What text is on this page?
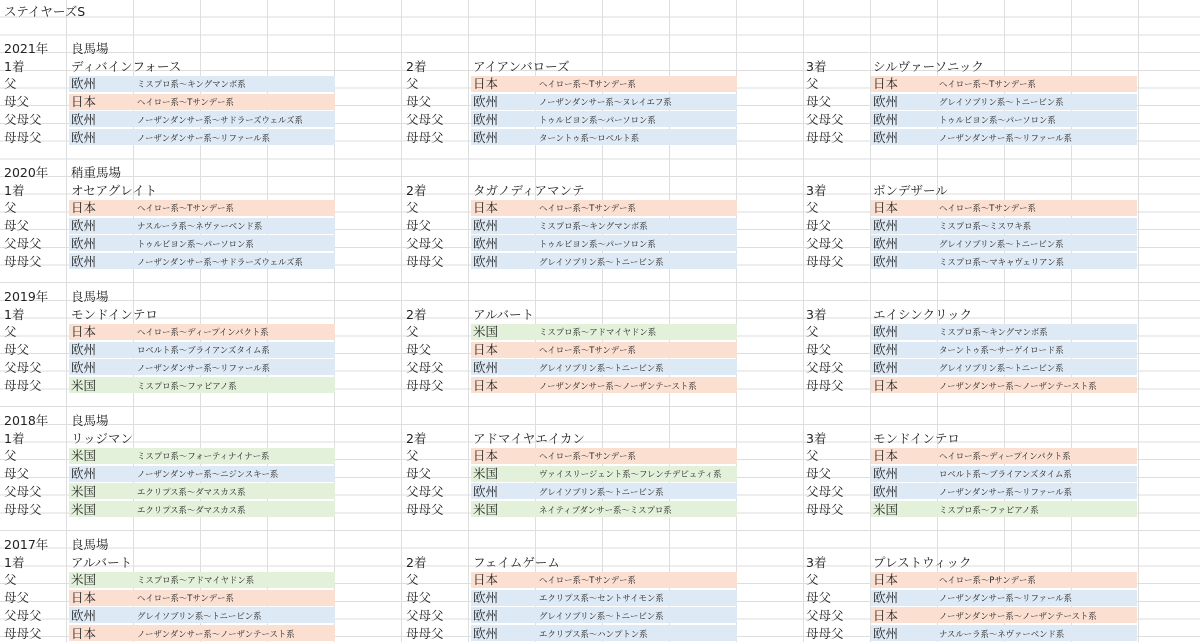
ステイヤーズS
2021年 良馬場
1着	ディバインフォース
父	欧州	ミスプロ系〜キングマンボ系
母父	日本	ヘイロー系〜Tサンデー系
父母父 欧州	ノーザンダンサー系〜サドラーズウェルズ系
母母父 欧州	ノーザンダンサー系〜リファール系
2着	アイアンバローズ
父	日本	ヘイロー系〜Tサンデー系
母父	欧州	ノーザンダンサー系〜ヌレイエフ系
父母父 欧州	トゥルビヨン系〜パーソロン系
母母父 欧州	ターントゥ系〜ロベルト系
3着	シルヴァーソニック
父	日本	ヘイロー系〜Tサンデー系
母父	欧州	グレイソブリン系〜トニービン系
父母父 欧州	トゥルビヨン系〜パーソロン系
母母父 欧州	ノーザンダンサー系〜リファール系
2020年 稍重馬場
1着	オセアグレイト
父	日本	ヘイロー系〜Tサンデー系
母父	欧州	ナスルーラ系〜ネヴァーベンド系
父母父 欧州	トゥルビヨン系〜パーソロン系
母母父 欧州	ノーザンダンサー系〜サドラーズウェルズ系
2着	タガノディアマンテ
父	日本	ヘイロー系〜Tサンデー系
母父	欧州	ミスプロ系〜キングマンボ系
父母父 欧州	トゥルビヨン系〜パーソロン系
母母父 欧州	グレイソブリン系〜トニービン系
3着	ボンデザール
父	日本	ヘイロー系〜Tサンデー系
母父	欧州	ミスプロ系〜ミスワキ系
父母父 欧州	グレイソブリン系〜トニービン系
母母父 欧州	ミスプロ系〜マキャヴェリアン系
2019年 良馬場
1着	モンドインテロ
父	日本	ヘイロー系〜ディープインパクト系
母父	欧州	ロベルト系〜ブライアンズタイム系
父母父 欧州	ノーザンダンサー系〜リファール系
母母父 米国	ミスプロ系〜ファピアノ系
2着	アルバート
父	米国	ミスプロ系〜アドマイヤドン系
母父	日本	ヘイロー系〜Tサンデー系
父母父 欧州	グレイソブリン系〜トニービン系
母母父 日本	ノーザンダンサー系〜ノーザンテースト系
3着	エイシンクリック
父	欧州	ミスプロ系〜キングマンボ系
母父	欧州	ターントゥ系〜サーゲイロード系
父母父 欧州	グレイソブリン系〜トニービン系
母母父 日本	ノーザンダンサー系〜ノーザンテースト系
2018年 良馬場
1着	リッジマン
父	米国	ミスプロ系〜フォーティナイナー系
母父	欧州	ノーザンダンサー系〜ニジンスキー系
父母父 米国	エクリプス系〜ダマスカス系
母母父 米国	エクリプス系〜ダマスカス系
2着	アドマイヤエイカン
父	日本	ヘイロー系〜Tサンデー系
母父	米国	ヴァイスリージェント系〜フレンチデピュティ系
父母父 欧州	グレイソブリン系〜トニービン系
母母父 米国	ネイティブダンサー系〜ミスプロ系
3着	モンドインテロ
父	日本	ヘイロー系〜ディープインパクト系
母父	欧州	ロベルト系〜ブライアンズタイム系
父母父 欧州	ノーザンダンサー系〜リファール系
母母父 米国	ミスプロ系〜ファピアノ系
2017年 良馬場
1着	アルバート
父	米国	ミスプロ系〜アドマイヤドン系
母父	日本	ヘイロー系〜Tサンデー系
父母父 欧州	グレイソブリン系〜トニービン系
母母父 日本	ノーザンダンサー系〜ノーザンテースト系
2着	フェイムゲーム
父	日本	ヘイロー系〜Tサンデー系
母父	欧州	エクリプス系〜セントサイモン系
父母父 欧州	グレイソブリン系〜トニービン系
母母父 欧州	エクリプス系〜ハンプトン系
3着	プレストウィック
父	日本	ヘイロー系〜Pサンデー系
母父	欧州	ノーザンダンサー系〜リファール系
父母父 日本	ノーザンダンサー系〜ノーザンテースト系
母母父 欧州	ナスルーラ系〜ネヴァーベンド系
